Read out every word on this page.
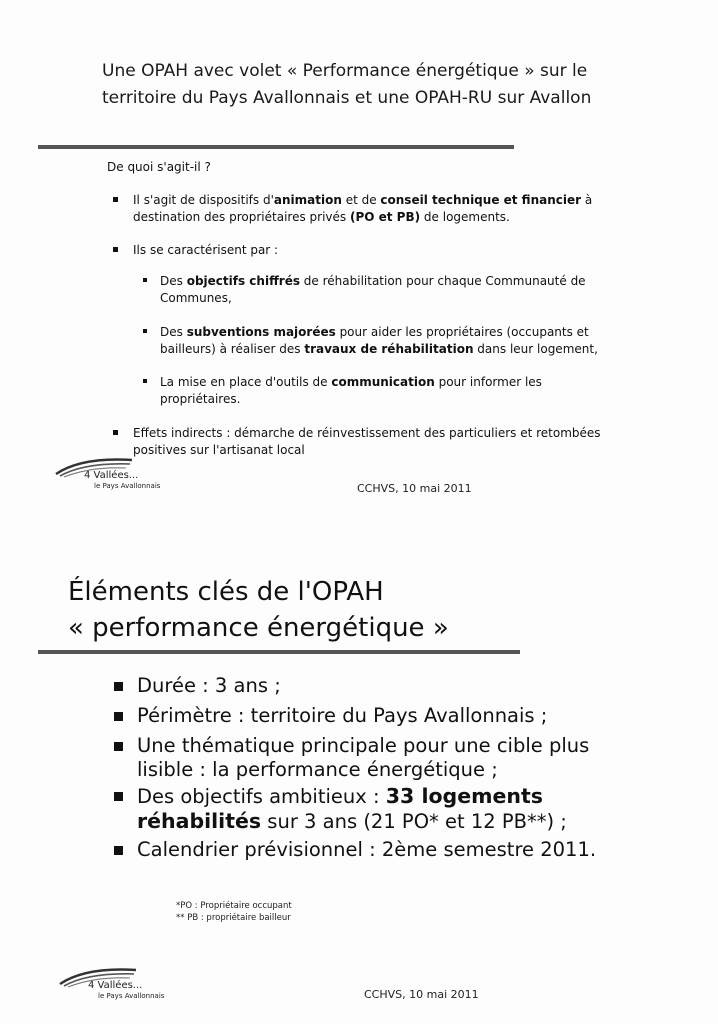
Une OPAH avec volet « Performance énergétique » sur le
territoire du Pays Avallonnais et une OPAH-RU sur Avallon
De quoi s'agit-il ?
Il s'agit de dispositifs d'animation et de conseil technique et financier à destination des propriétaires privés (PO et PB) de logements.
Ils se caractérisent par :
Des objectifs chiffrés de réhabilitation pour chaque Communauté de Communes,
Des subventions majorées pour aider les propriétaires (occupants et bailleurs) à réaliser des travaux de réhabilitation dans leur logement,
La mise en place d'outils de communication pour informer les propriétaires.
Effets indirects : démarche de réinvestissement des particuliers et retombées positives sur l'artisanat local
4 Vallées...
le Pays Avallonnais	CCHVS, 10 mai 2011
Éléments clés de l'OPAH
« performance énergétique »
Durée : 3 ans ;
Périmètre : territoire du Pays Avallonnais ;
Une thématique principale pour une cible plus lisible : la performance énergétique ;
Des objectifs ambitieux : 33 logements réhabilités sur 3 ans (21 PO* et 12 PB**) ;
Calendrier prévisionnel : 2ème semestre 2011.
*PO : Propriétaire occupant
** PB : propriétaire bailleur
4 Vallées...
le Pays Avallonnais	CCHVS, 10 mai 2011
